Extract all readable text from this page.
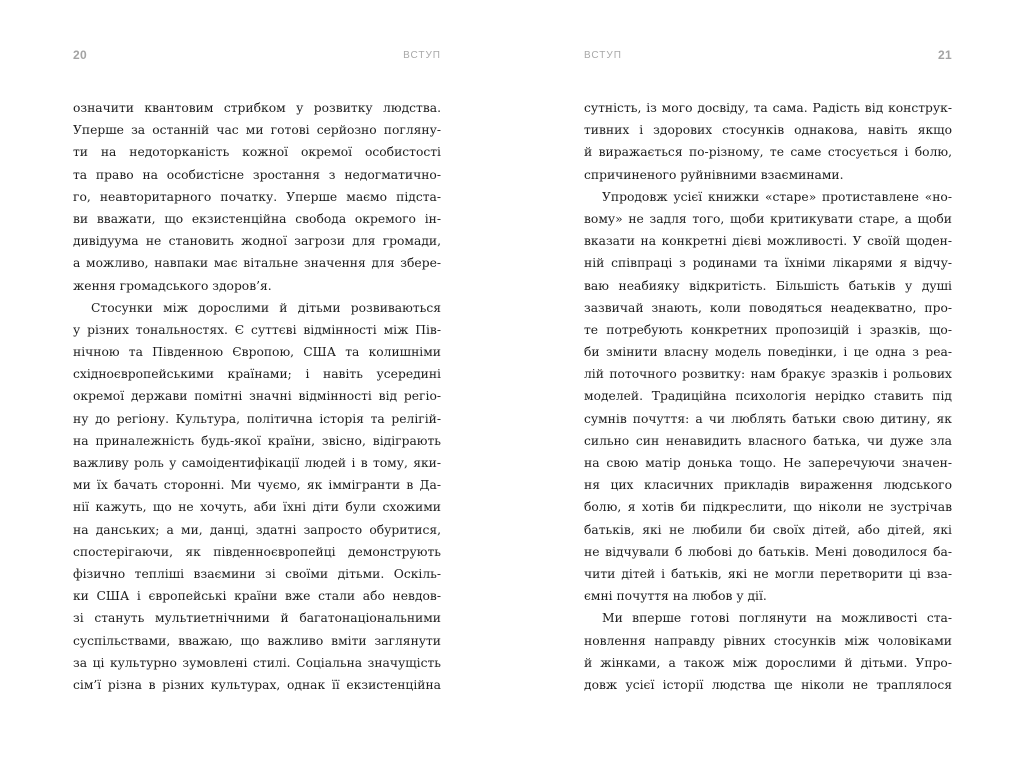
20	ВСТУП
означити квантовим стрибком у розвитку людства.
Уперше за останній час ми готові серйозно погляну-
ти на недоторканість кожної окремої особистості
та право на особистісне зростання з недогматично-
го, неавторитарного початку. Уперше маємо підста-
ви вважати, що екзистенційна свобода окремого ін-
дивідуума не становить жодної загрози для громади,
а можливо, навпаки має вітальне значення для збере-
ження громадського здоров’я.
Стосунки між дорослими й дітьми розвиваються
у різних тональностях. Є суттєві відмінності між Пів-
нічною та Південною Європою, США та колишніми
східноєвропейськими країнами; і навіть усередині
окремої держави помітні значні відмінності від регіо-
ну до регіону. Культура, політична історія та релігій-
на приналежність будь-якої країни, звісно, відіграють
важливу роль у самоідентифікації людей і в тому, яки-
ми їх бачать сторонні. Ми чуємо, як іммігранти в Да-
нії кажуть, що не хочуть, аби їхні діти були схожими
на данських; а ми, данці, здатні запросто обуритися,
спостерігаючи, як південноєвропейці демонструють
фізично тепліші взаємини зі своїми дітьми. Оскіль-
ки США і європейські країни вже стали або невдов-
зі стануть мультиетнічними й багатонаціональними
суспільствами, вважаю, що важливо вміти заглянути
за ці культурно зумовлені стилі. Соціальна значущість
сім’ї різна в різних культурах, однак її екзистенційна
21
ВСТУП
сутність, із мого досвіду, та сама. Радість від конструк-
тивних і здорових стосунків однакова, навіть якщо
й виражається по-різному, те саме стосується і болю,
спричиненого руйнівними взаєминами.
Упродовж усієї книжки «старе» протиставлене «но-
вому» не задля того, щоби критикувати старе, а щоби
вказати на конкретні дієві можливості. У своїй щоден-
ній співпраці з родинами та їхніми лікарями я відчу-
ваю неабияку відкритість. Більшість батьків у душі
зазвичай знають, коли поводяться неадекватно, про-
те потребують конкретних пропозицій і зразків, що-
би змінити власну модель поведінки, і це одна з реа-
лій поточного розвитку: нам бракує зразків і рольових
моделей. Традиційна психологія нерідко ставить під
сумнів почуття: а чи люблять батьки свою дитину, як
сильно син ненавидить власного батька, чи дуже зла
на свою матір донька тощо. Не заперечуючи значен-
ня цих класичних прикладів вираження людського
болю, я хотів би підкреслити, що ніколи не зустрічав
батьків, які не любили би своїх дітей, або дітей, які
не відчували б любові до батьків. Мені доводилося ба-
чити дітей і батьків, які не могли перетворити ці вза-
ємні почуття на любов у дії.
Ми вперше готові поглянути на можливості ста-
новлення направду рівних стосунків між чоловіками
й жінками, а також між дорослими й дітьми. Упро-
довж усієї історії людства ще ніколи не траплялося
